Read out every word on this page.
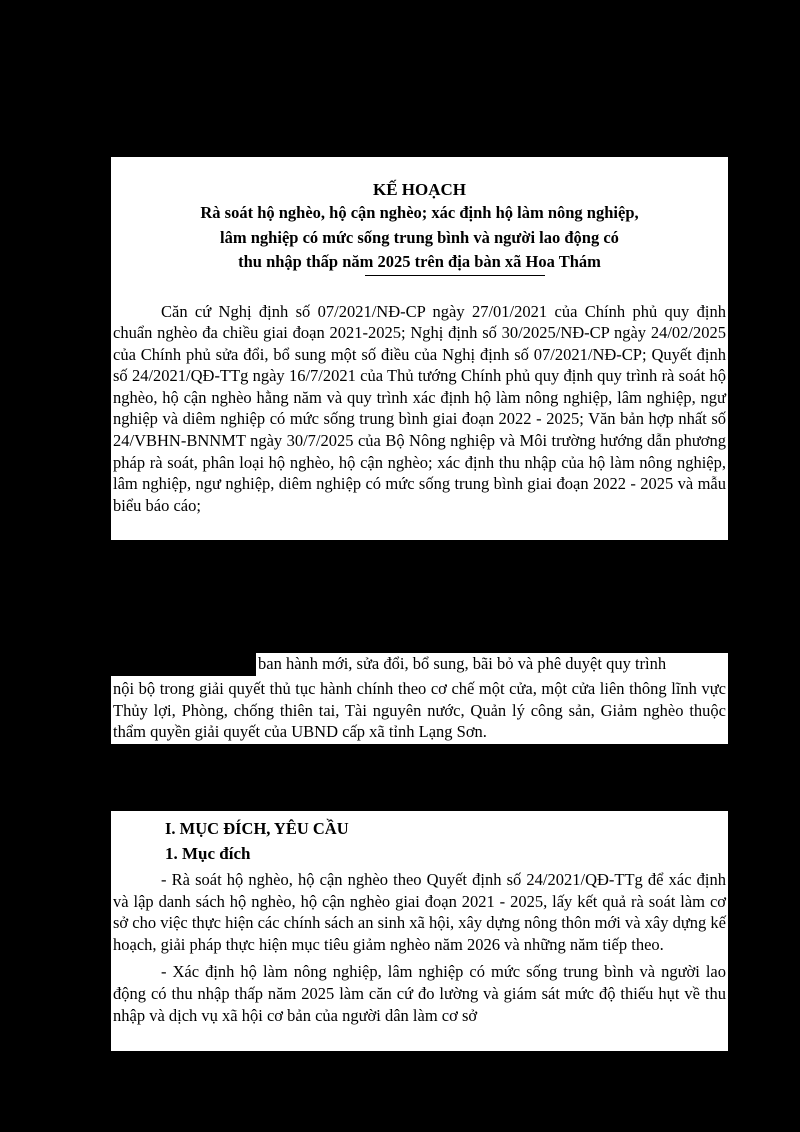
KẾ HOẠCH
Rà soát hộ nghèo, hộ cận nghèo; xác định hộ làm nông nghiệp,
lâm nghiệp có mức sống trung bình và người lao động có
thu nhập thấp năm 2025 trên địa bàn xã Hoa Thám

Căn cứ Nghị định số 07/2021/NĐ-CP ngày 27/01/2021 của Chính phủ quy định chuẩn nghèo đa chiều giai đoạn 2021-2025; Nghị định số 30/2025/NĐ-CP ngày 24/02/2025 của Chính phủ sửa đổi, bổ sung một số điều của Nghị định số 07/2021/NĐ-CP; Quyết định số 24/2021/QĐ-TTg ngày 16/7/2021 của Thủ tướng Chính phủ quy định quy trình rà soát hộ nghèo, hộ cận nghèo hằng năm và quy trình xác định hộ làm nông nghiệp, lâm nghiệp, ngư nghiệp và diêm nghiệp có mức sống trung bình giai đoạn 2022 - 2025; Văn bản hợp nhất số 24/VBHN-BNNMT ngày 30/7/2025 của Bộ Nông nghiệp và Môi trường hướng dẫn phương pháp rà soát, phân loại hộ nghèo, hộ cận nghèo; xác định thu nhập của hộ làm nông nghiệp, lâm nghiệp, ngư nghiệp, diêm nghiệp có mức sống trung bình giai đoạn 2022 - 2025 và mẫu biểu báo cáo;

ban hành mới, sửa đổi, bổ sung, bãi bỏ và phê duyệt quy trình

nội bộ trong giải quyết thủ tục hành chính theo cơ chế một cửa, một cửa liên thông lĩnh vực Thủy lợi, Phòng, chống thiên tai, Tài nguyên nước, Quản lý công sản, Giảm nghèo thuộc thẩm quyền giải quyết của UBND cấp xã tỉnh Lạng Sơn.

I. MỤC ĐÍCH, YÊU CẦU
1. Mục đích

- Rà soát hộ nghèo, hộ cận nghèo theo Quyết định số 24/2021/QĐ-TTg để xác định và lập danh sách hộ nghèo, hộ cận nghèo giai đoạn 2021 - 2025, lấy kết quả rà soát làm cơ sở cho việc thực hiện các chính sách an sinh xã hội, xây dựng nông thôn mới và xây dựng kế hoạch, giải pháp thực hiện mục tiêu giảm nghèo năm 2026 và những năm tiếp theo.

- Xác định hộ làm nông nghiệp, lâm nghiệp có mức sống trung bình và người lao động có thu nhập thấp năm 2025 làm căn cứ đo lường và giám sát mức độ thiếu hụt về thu nhập và dịch vụ xã hội cơ bản của người dân làm cơ sở
